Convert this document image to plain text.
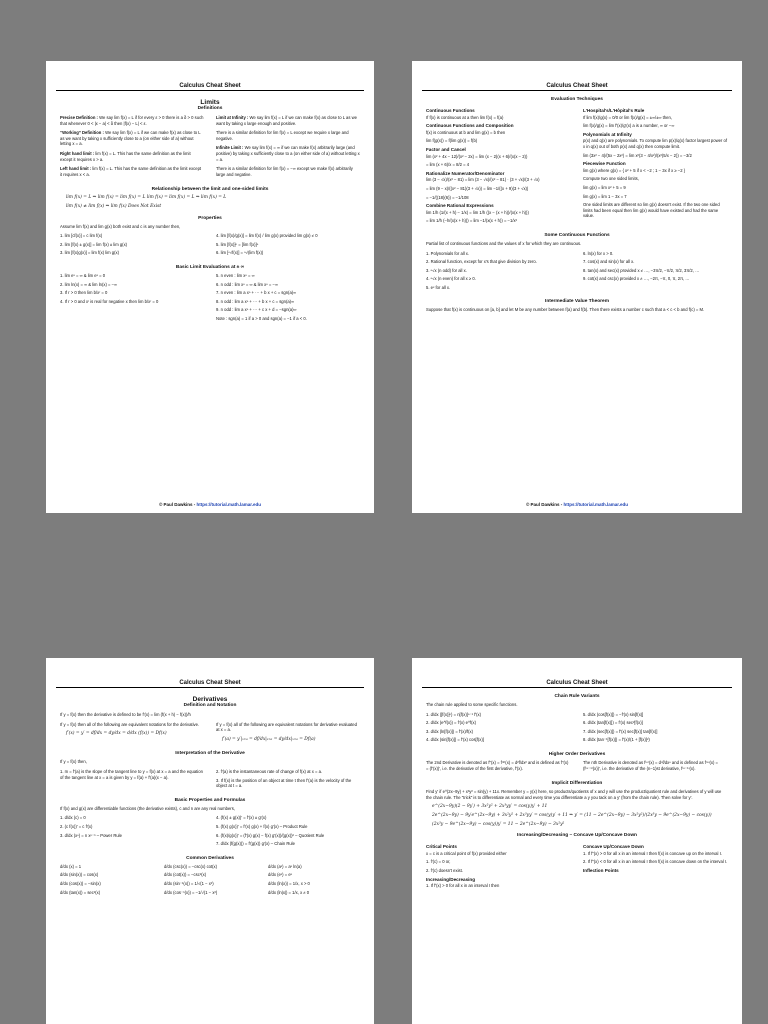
Calculus Cheat Sheet
Limits
Definitions
Precise Definition : We say lim f(x) = L if for every ε > 0 there is a δ > 0 such that whenever 0 < |x − a| < δ then |f(x) − L| < ε.
“Working” Definition : We say lim f(x) = L if we can make f(x) as close to L as we want by taking x sufficiently close to a (on either side of a) without letting x = a.
Right hand limit : lim f(x) = L. This has the same definition as the limit except it requires x > a.
Left hand limit : lim f(x) = L. This has the same definition as the limit except it requires x < a.
Limit at Infinity : We say lim f(x) = L if we can make f(x) as close to L as we want by taking x large enough and positive.
There is a similar definition for lim f(x) = L except we require x large and negative.
Infinite Limit : We say lim f(x) = ∞ if we can make f(x) arbitrarily large (and positive) by taking x sufficiently close to a (on either side of a) without letting x = a.
There is a similar definition for lim f(x) = −∞ except we make f(x) arbitrarily large and negative.
Relationship between the limit and one-sided limits
lim f(x) = L ⇒ lim f(x) = lim f(x) = L lim f(x) = lim f(x) = L ⇒ lim f(x) = L
lim f(x) ≠ lim f(x) ⇒ lim f(x) Does Not Exist
Properties
Assume lim f(x) and lim g(x) both exist and c is any number then,
1. lim [cf(x)] = c lim f(x)
2. lim [f(x) ± g(x)] = lim f(x) ± lim g(x)
3. lim [f(x)g(x)] = lim f(x) lim g(x)
4. lim [f(x)/g(x)] = lim f(x) / lim g(x) provided lim g(x) ≠ 0
5. lim [f(x)]ⁿ = [lim f(x)]ⁿ
6. lim [ⁿ√f(x)] = ⁿ√(lim f(x))
Basic Limit Evaluations at ± ∞
1. lim eˣ = ∞ & lim eˣ = 0
2. lim ln(x) = ∞ & lim ln(x) = −∞
3. If r > 0 then lim b/xʳ = 0
4. If r > 0 and xʳ is real for negative x then lim b/xʳ = 0
5. n even : lim xⁿ = ∞
6. n odd : lim xⁿ = ∞ & lim xⁿ = −∞
7. n even : lim a xⁿ + ··· + b x + c = sgn(a)∞
8. n odd : lim a xⁿ + ··· + b x + c = sgn(a)∞
9. n odd : lim a xⁿ + ··· + c x + d = −sgn(a)∞
Note : sgn(a) = 1 if a > 0 and sgn(a) = −1 if a < 0.
© Paul Dawkins - https://tutorial.math.lamar.edu
Calculus Cheat Sheet
Evaluation Techniques
Continuous Functions
If f(x) is continuous at a then lim f(x) = f(a)
Continuous Functions and Composition
f(x) is continuous at b and lim g(x) = b then
lim f(g(x)) = f(lim g(x)) = f(b)
Factor and Cancel
lim (x² + 4x − 12)/(x² − 2x) = lim (x − 2)(x + 6)/(x(x − 2))
= lim (x + 6)/x = 8/2 = 4
Rationalize Numerator/Denominator
lim (3 − √x)/(x² − 81) = lim (3 − √x)/(x² − 81) · (3 + √x)/(3 + √x)
= lim (9 − x)/((x² − 81)(3 + √x)) = lim −1/((x + 9)(3 + √x))
= −1/((18)(6)) = −1/108
Combine Rational Expressions
lim 1/h (1/(x + h) − 1/x) = lim 1/h ((x − (x + h))/(x(x + h)))
= lim 1/h (−h/(x(x + h))) = lim −1/(x(x + h)) = −1/x²
L'Hospital's/L'Hôpital's Rule
If lim f(x)/g(x) = 0/0 or lim f(x)/g(x) = ±∞/±∞ then,
lim f(x)/g(x) = lim f′(x)/g′(x) a is a number, ∞ or −∞
Polynomials at Infinity
p(x) and q(x) are polynomials. To compute lim p(x)/q(x) factor largest power of x in q(x) out of both p(x) and q(x) then compute limit.
lim (3x² − 4)/(5x − 2x²) = lim x²(3 − 4/x²)/(x²(5/x − 2)) = −3/2
Piecewise Function
lim g(x) where g(x) = { x² + 5 if x < −2 ; 1 − 3x if x ≥ −2 }
Compute two one sided limits,
lim g(x) = lim x² + 5 = 9
lim g(x) = lim 1 − 3x = 7
One sided limits are different so lim g(x) doesn't exist. If the two one sided limits had been equal then lim g(x) would have existed and had the same value.
Some Continuous Functions
Partial list of continuous functions and the values of x for which they are continuous.
1. Polynomials for all x.
2. Rational function, except for x's that give division by zero.
3. ⁿ√x (n odd) for all x.
4. ⁿ√x (n even) for all x ≥ 0.
5. eˣ for all x.
6. ln(x) for x > 0.
7. cos(x) and sin(x) for all x.
8. tan(x) and sec(x) provided x ≠ …, −3π/2, −π/2, π/2, 3π/2, …
9. cot(x) and csc(x) provided x ≠ …, −2π, −π, 0, π, 2π, …
Intermediate Value Theorem
Suppose that f(x) is continuous on [a, b] and let M be any number between f(a) and f(b). Then there exists a number c such that a < c < b and f(c) = M.
© Paul Dawkins - https://tutorial.math.lamar.edu
Calculus Cheat Sheet
Derivatives
Definition and Notation
If y = f(x) then the derivative is defined to be f′(x) = lim (f(x + h) − f(x))/h
If y = f(x) then all of the following are equivalent notations for the derivative.
f′(x) = y′ = df/dx = dy/dx = d/dx (f(x)) = Df(x)
If y = f(x) all of the following are equivalent notations for derivative evaluated at x = a.
f′(a) = y′|ₓ₌ₐ = df/dx|ₓ₌ₐ = dy/dx|ₓ₌ₐ = Df(a)
Interpretation of the Derivative
If y = f(x) then,
1. m = f′(a) is the slope of the tangent line to y = f(x) at x = a and the equation of the tangent line at x = a is given by y = f(a) + f′(a)(x − a).
2. f′(a) is the instantaneous rate of change of f(x) at x = a.
3. If f(x) is the position of an object at time t then f′(a) is the velocity of the object at t = a.
Basic Properties and Formulas
If f(x) and g(x) are differentiable functions (the derivative exists), c and n are any real numbers,
1. d/dx (c) = 0
2. (c f(x))′ = c f′(x)
3. d/dx (xⁿ) = n xⁿ⁻¹ – Power Rule
4. (f(x) ± g(x))′ = f′(x) ± g′(x)
5. (f(x) g(x))′ = f′(x) g(x) + f(x) g′(x) – Product Rule
6. (f(x)/g(x))′ = (f′(x) g(x) − f(x) g′(x))/(g(x))² – Quotient Rule
7. d/dx (f(g(x))) = f′(g(x)) g′(x) – Chain Rule
Common Derivatives
d/dx (x) = 1
d/dx (sin(x)) = cos(x)
d/dx (cos(x)) = −sin(x)
d/dx (tan(x)) = sec²(x)
d/dx (csc(x)) = −csc(x) cot(x)
d/dx (cot(x)) = −csc²(x)
d/dx (sin⁻¹(x)) = 1/√(1 − x²)
d/dx (cos⁻¹(x)) = −1/√(1 − x²)
d/dx (aˣ) = aˣ ln(a)
d/dx (eˣ) = eˣ
d/dx (ln(x)) = 1/x, x > 0
d/dx (ln|x|) = 1/x, x ≠ 0
Calculus Cheat Sheet
Chain Rule Variants
The chain rule applied to some specific functions.
1. d/dx ([f(x)]ⁿ) = n[f(x)]ⁿ⁻¹ f′(x)
2. d/dx (e^f(x)) = f′(x) e^f(x)
3. d/dx (ln[f(x)]) = f′(x)/f(x)
4. d/dx (sin[f(x)]) = f′(x) cos[f(x)]
5. d/dx (cos[f(x)]) = −f′(x) sin[f(x)]
6. d/dx (tan[f(x)]) = f′(x) sec²[f(x)]
7. d/dx (sec[f(x)]) = f′(x) sec[f(x)] tan[f(x)]
8. d/dx (tan⁻¹[f(x)]) = f′(x)/(1 + [f(x)]²)
Higher Order Derivatives
The 2nd Derivative is denoted as f″(x) = f⁽²⁾(x) = d²f/dx² and is defined as f″(x) = (f′(x))′, i.e. the derivative of the first derivative, f′(x).
The nth Derivative is denoted as f⁽ⁿ⁾(x) = dⁿf/dxⁿ and is defined as f⁽ⁿ⁾(x) = (f⁽ⁿ⁻¹⁾(x))′, i.e. the derivative of the (n−1)st derivative, f⁽ⁿ⁻¹⁾(x).
Implicit Differentiation
Find y′ if e^(2x−9y) + x³y² = sin(y) + 11x. Remember y = y(x) here, so products/quotients of x and y will use the product/quotient rule and derivatives of y will use the chain rule. The “trick” is to differentiate as normal and every time you differentiate a y you tack on a y′ (from the chain rule). Then solve for y′.
e^(2x−9y)(2 − 9y′) + 3x²y² + 2x³yy′ = cos(y)y′ + 11
2e^(2x−9y) − 9y′e^(2x−9y) + 3x²y² + 2x³yy′ = cos(y)y′ + 11 ⇒ y′ = (11 − 2e^(2x−9y) − 3x²y²)/(2x³y − 9e^(2x−9y) − cos(y))
(2x³y − 9e^(2x−9y) − cos(y))y′ = 11 − 2e^(2x−9y) − 3x²y²
Increasing/Decreasing – Concave Up/Concave Down
Critical Points
x = c is a critical point of f(x) provided either
1. f′(c) = 0 or,
2. f′(c) doesn't exist.
Increasing/Decreasing
1. If f′(x) > 0 for all x in an interval I then
Concave Up/Concave Down
1. If f″(x) > 0 for all x in an interval I then f(x) is concave up on the interval I.
2. If f″(x) < 0 for all x in an interval I then f(x) is concave down on the interval I.
Inflection Points
